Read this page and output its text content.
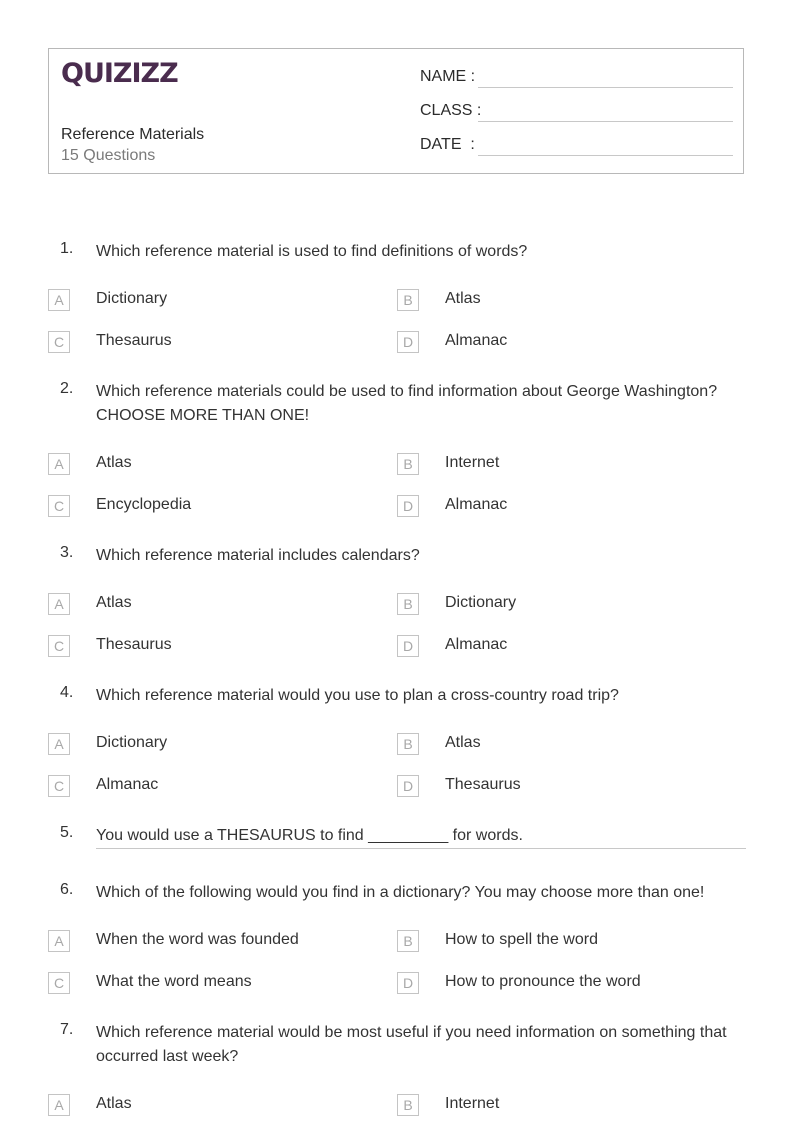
QUIZIZZ
Reference Materials
15 Questions
NAME :
CLASS :
DATE  :
1. Which reference material is used to find definitions of words?
A	Dictionary	B	Atlas
C	Thesaurus	D	Almanac
2. Which reference materials could be used to find information about George Washington? CHOOSE MORE THAN ONE!
A	Atlas	B	Internet
C	Encyclopedia	D	Almanac
3. Which reference material includes calendars?
A	Atlas	B	Dictionary
C	Thesaurus	D	Almanac
4. Which reference material would you use to plan a cross-country road trip?
A	Dictionary	B	Atlas
C	Almanac	D	Thesaurus
5. You would use a THESAURUS to find _________ for words.
6. Which of the following would you find in a dictionary? You may choose more than one!
A	When the word was founded	B	How to spell the word
C	What the word means	D	How to pronounce the word
7. Which reference material would be most useful if you need information on something that occurred last week?
A	Atlas	B	Internet
